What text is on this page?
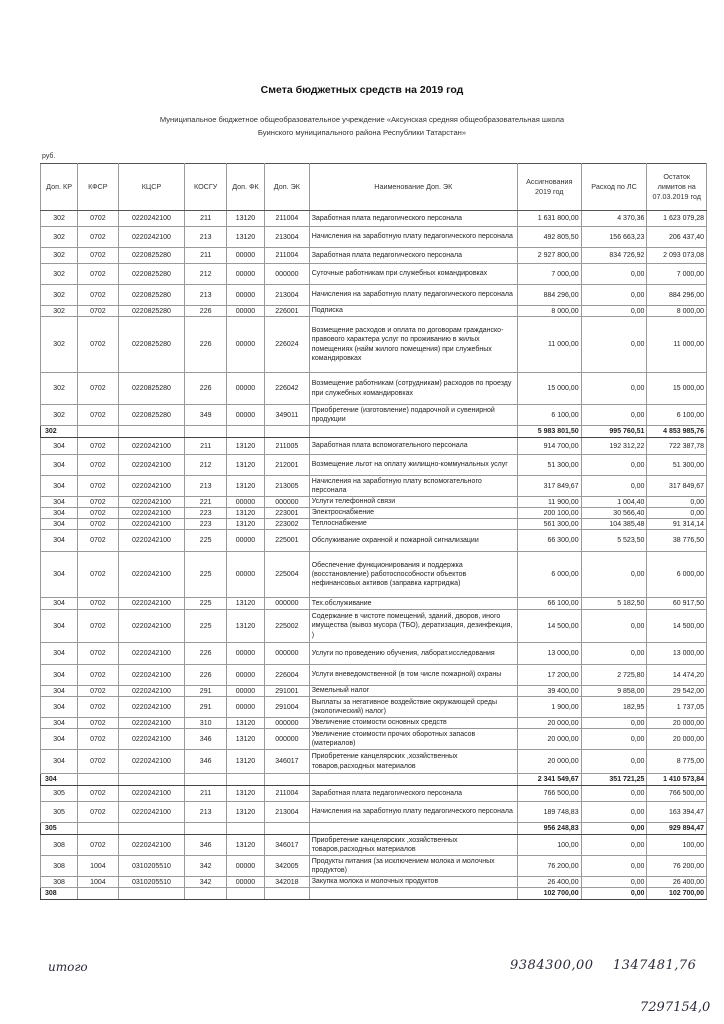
Смета бюджетных средств на 2019 год
Муниципальное бюджетное общеобразовательное учреждение «Аксунская средняя общеобразовательная школа
Буинского муниципального района Республики Татарстан»
руб.
Доп. КР	КФСР	КЦСР	КОСГУ	Доп. ФК	Доп. ЭК	Наименование Доп. ЭК	Ассигнования 2019 год	Расход по ЛС	Остаток лимитов на 07.03.2019 год
302	0702	0220242100	211	13120	211004	Заработная плата педагогического персонала	1 631 800,00	4 370,36	1 623 079,28
302	0702	0220242100	213	13120	213004	Начисления на заработную плату педагогического персонала	492 805,50	156 663,23	206 437,40
302	0702	0220825280	211	00000	211004	Заработная плата педагогического персонала	2 927 800,00	834 726,92	2 093 073,08
302	0702	0220825280	212	00000	000000	Суточные работникам при служебных командировках	7 000,00	0,00	7 000,00
302	0702	0220825280	213	00000	213004	Начисления на заработную плату педагогического персонала	884 296,00	0,00	884 296,00
302	0702	0220825280	226	00000	226001	Подписка	8 000,00	0,00	8 000,00
302	0702	0220825280	226	00000	226024	Возмещение расходов и оплата по договорам гражданско-правового характера услуг по проживанию в жилых помещениях (найм жилого помещения) при служебных командировках	11 000,00	0,00	11 000,00
302	0702	0220825280	226	00000	226042	Возмещение работникам (сотрудникам) расходов по проезду при служебных командировках	15 000,00	0,00	15 000,00
302	0702	0220825280	349	00000	349011	Приобретение (изготовление) подарочной и сувенирной продукции	6 100,00	0,00	6 100,00
302							5 983 801,50	995 760,51	4 853 985,76
304	0702	0220242100	211	13120	211005	Заработная плата вспомогательного персонала	914 700,00	192 312,22	722 387,78
304	0702	0220242100	212	13120	212001	Возмещение льгот на оплату жилищно-коммунальных услуг	51 300,00	0,00	51 300,00
304	0702	0220242100	213	13120	213005	Начисления на заработную плату вспомогательного персонала	317 849,67	0,00	317 849,67
304	0702	0220242100	221	00000	000000	Услуги телефонной связи	11 900,00	1 004,40	0,00
304	0702	0220242100	223	13120	223001	Электроснабжение	200 100,00	30 566,40	0,00
304	0702	0220242100	223	13120	223002	Теплоснабжение	561 300,00	104 385,48	91 314,14
304	0702	0220242100	225	00000	225001	Обслуживание охранной и пожарной сигнализации	66 300,00	5 523,50	38 776,50
304	0702	0220242100	225	00000	225004	Обеспечение функционирования и поддержка (восстановление) работоспособности объектов нефинансовых активов (заправка картриджа)	6 000,00	0,00	6 000,00
304	0702	0220242100	225	13120	000000	Тех.обслуживание	66 100,00	5 182,50	60 917,50
304	0702	0220242100	225	13120	225002	Содержание в чистоте помещений, зданий, дворов, иного имущества (вывоз мусора (ТБО), дератизация, дезинфекция, )	14 500,00	0,00	14 500,00
304	0702	0220242100	226	00000	000000	Услуги по проведению обучения, лаборат.исследования	13 000,00	0,00	13 000,00
304	0702	0220242100	226	00000	226004	Услуги вневедомственной (в том числе пожарной) охраны	17 200,00	2 725,80	14 474,20
304	0702	0220242100	291	00000	291001	Земельный налог	39 400,00	9 858,00	29 542,00
304	0702	0220242100	291	00000	291004	Выплаты за негативное воздействие окружающей среды (экологический) налог)	1 900,00	182,95	1 737,05
304	0702	0220242100	310	13120	000000	Увеличение стоимости основных средств	20 000,00	0,00	20 000,00
304	0702	0220242100	346	13120	000000	Увеличение стоимости прочих оборотных запасов (материалов)	20 000,00	0,00	20 000,00
304	0702	0220242100	346	13120	346017	Приобретение канцелярских ,хозяйственных товаров,расходных материалов	20 000,00	0,00	8 775,00
304							2 341 549,67	351 721,25	1 410 573,84
305	0702	0220242100	211	13120	211004	Заработная плата педагогического персонала	766 500,00	0,00	766 500,00
305	0702	0220242100	213	13120	213004	Начисления на заработную плату педагогического персонала	189 748,83	0,00	163 394,47
305							956 248,83	0,00	929 894,47
308	0702	0220242100	346	13120	346017	Приобретение канцелярских ,хозяйственных товаров,расходных материалов	100,00	0,00	100,00
308	1004	0310205510	342	00000	342005	Продукты питания (за исключением молока и молочных продуктов)	76 200,00	0,00	76 200,00
308	1004	0310205510	342	00000	342018	Закупка молока и молочных продуктов	26 400,00	0,00	26 400,00
308							102 700,00	0,00	102 700,00
итого	9384300,00 1347481,76
7297154,0
